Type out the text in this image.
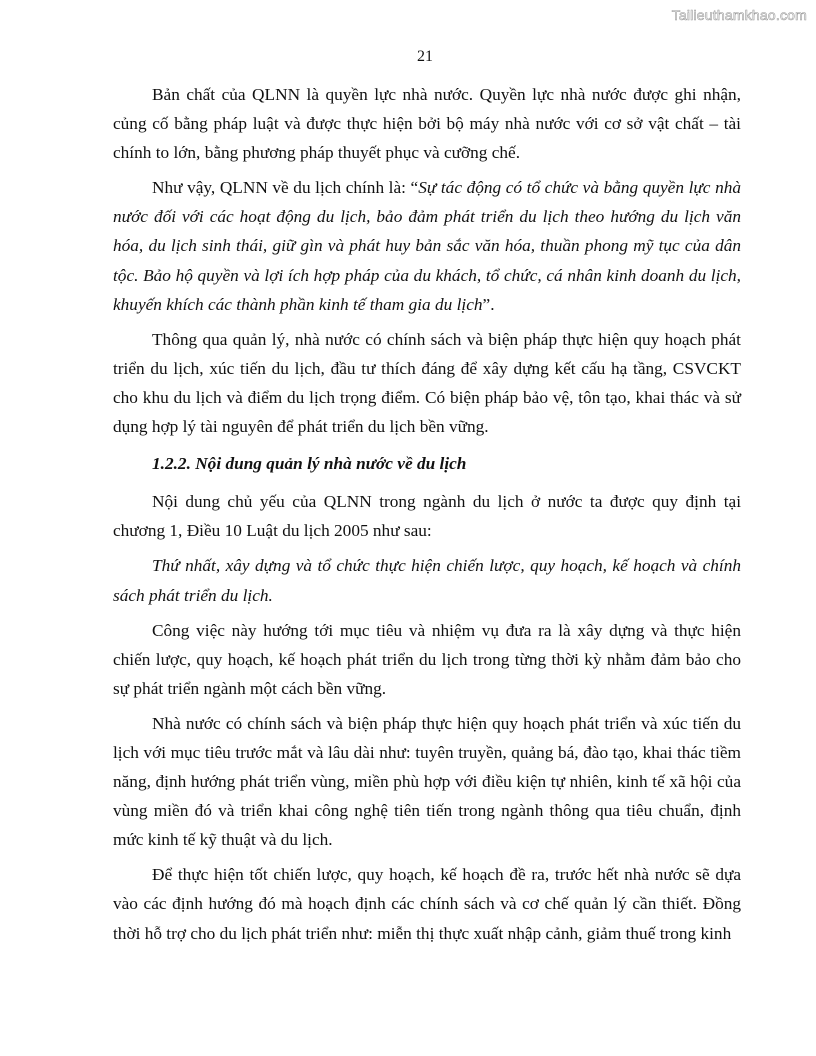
Tailieuthamkhao.com
21

Bản chất của QLNN là quyền lực nhà nước. Quyền lực nhà nước được ghi nhận, củng cố bằng pháp luật và được thực hiện bởi bộ máy nhà nước với cơ sở vật chất – tài chính to lớn, bằng phương pháp thuyết phục và cưỡng chế.

Như vậy, QLNN về du lịch chính là: “Sự tác động có tổ chức và bằng quyền lực nhà nước đối với các hoạt động du lịch, bảo đảm phát triển du lịch theo hướng du lịch văn hóa, du lịch sinh thái, giữ gìn và phát huy bản sắc văn hóa, thuần phong mỹ tục của dân tộc. Bảo hộ quyền và lợi ích hợp pháp của du khách, tổ chức, cá nhân kinh doanh du lịch, khuyến khích các thành phần kinh tế tham gia du lịch”.

Thông qua quản lý, nhà nước có chính sách và biện pháp thực hiện quy hoạch phát triển du lịch, xúc tiến du lịch, đầu tư thích đáng để xây dựng kết cấu hạ tầng, CSVCKT cho khu du lịch và điểm du lịch trọng điểm. Có biện pháp bảo vệ, tôn tạo, khai thác và sử dụng hợp lý tài nguyên để phát triển du lịch bền vững.

1.2.2. Nội dung quản lý nhà nước về du lịch

Nội dung chủ yếu của QLNN trong ngành du lịch ở nước ta được quy định tại chương 1, Điều 10 Luật du lịch 2005 như sau:

Thứ nhất, xây dựng và tổ chức thực hiện chiến lược, quy hoạch, kế hoạch và chính sách phát triển du lịch.

Công việc này hướng tới mục tiêu và nhiệm vụ đưa ra là xây dựng và thực hiện chiến lược, quy hoạch, kế hoạch phát triển du lịch trong từng thời kỳ nhằm đảm bảo cho sự phát triển ngành một cách bền vững.

Nhà nước có chính sách và biện pháp thực hiện quy hoạch phát triển và xúc tiến du lịch với mục tiêu trước mắt và lâu dài như: tuyên truyền, quảng bá, đào tạo, khai thác tiềm năng, định hướng phát triển vùng, miền phù hợp với điều kiện tự nhiên, kinh tế xã hội của vùng miền đó và triển khai công nghệ tiên tiến trong ngành thông qua tiêu chuẩn, định mức kinh tế kỹ thuật và du lịch.

Để thực hiện tốt chiến lược, quy hoạch, kế hoạch đề ra, trước hết nhà nước sẽ dựa vào các định hướng đó mà hoạch định các chính sách và cơ chế quản lý cần thiết. Đồng thời hỗ trợ cho du lịch phát triển như: miễn thị thực xuất nhập cảnh, giảm thuế trong kinh
